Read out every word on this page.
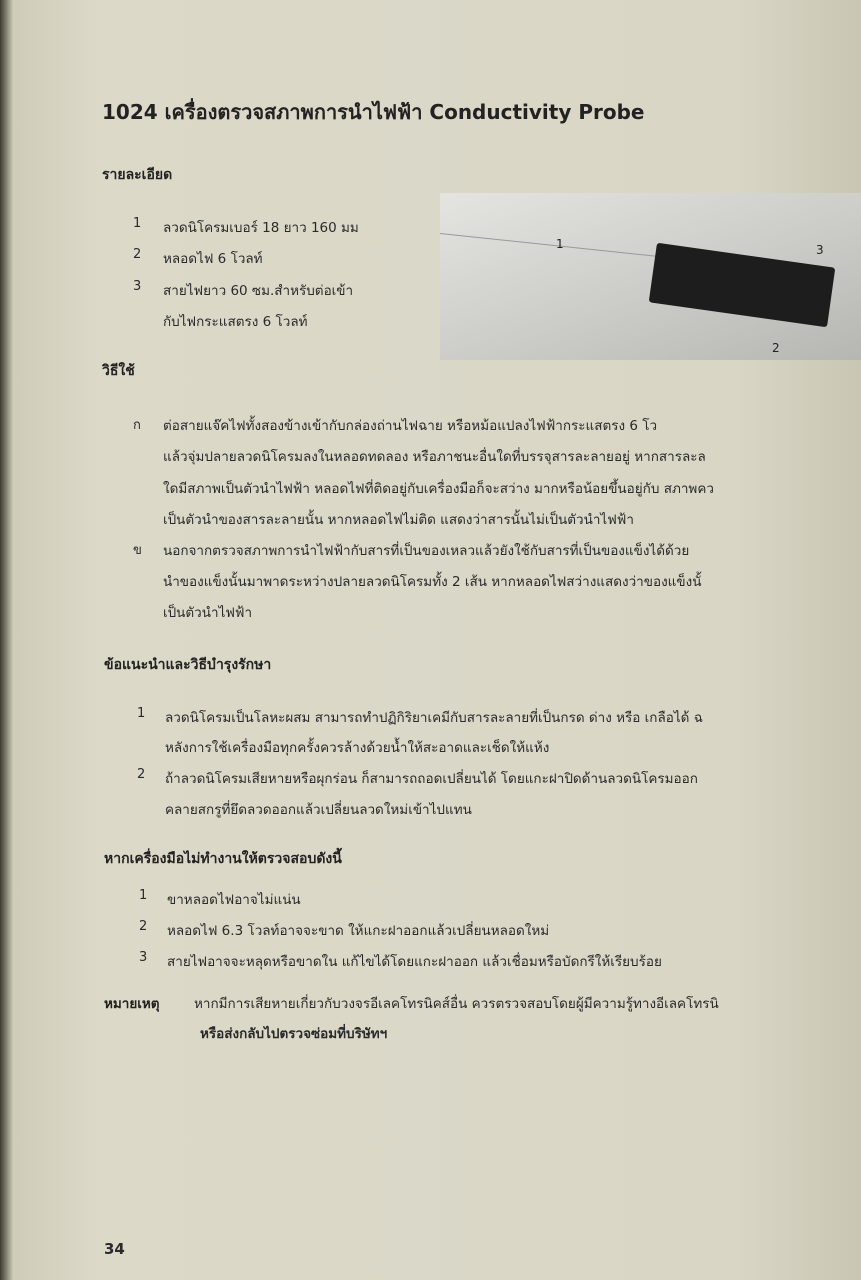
1024 เครื่องตรวจสภาพการนำไฟฟ้า Conductivity Probe
รายละเอียด
1 ลวดนิโครมเบอร์ 18 ยาว 160 มม
2 หลอดไฟ 6 โวลท์
3 สายไฟยาว 60 ซม.สำหรับต่อเข้า
กับไฟกระแสตรง 6 โวลท์
1
2
3
วิธีใช้
ก ต่อสายแจ๊คไฟทั้งสองข้างเข้ากับกล่องถ่านไฟฉาย หรือหม้อแปลงไฟฟ้ากระแสตรง 6 โว
แล้วจุ่มปลายลวดนิโครมลงในหลอดทดลอง หรือภาชนะอื่นใดที่บรรจุสารละลายอยู่ หากสารละล
ใดมีสภาพเป็นตัวนำไฟฟ้า หลอดไฟที่ติดอยู่กับเครื่องมือก็จะสว่าง มากหรือน้อยขึ้นอยู่กับ สภาพคว
เป็นตัวนำของสารละลายนั้น หากหลอดไฟไม่ติด แสดงว่าสารนั้นไม่เป็นตัวนำไฟฟ้า
ข นอกจากตรวจสภาพการนำไฟฟ้ากับสารที่เป็นของเหลวแล้วยังใช้กับสารที่เป็นของแข็งได้ด้วย
นำของแข็งนั้นมาพาดระหว่างปลายลวดนิโครมทั้ง 2 เส้น หากหลอดไฟสว่างแสดงว่าของแข็งนั้
เป็นตัวนำไฟฟ้า
ข้อแนะนำและวิธีบำรุงรักษา
1 ลวดนิโครมเป็นโลหะผสม สามารถทำปฏิกิริยาเคมีกับสารละลายที่เป็นกรด ด่าง หรือ เกลือได้ ฉ
หลังการใช้เครื่องมือทุกครั้งควรล้างด้วยน้ำให้สะอาดและเช็ดให้แห้ง
2 ถ้าลวดนิโครมเสียหายหรือผุกร่อน ก็สามารถถอดเปลี่ยนได้ โดยแกะฝาปิดด้านลวดนิโครมออก
คลายสกรูที่ยึดลวดออกแล้วเปลี่ยนลวดใหม่เข้าไปแทน
หากเครื่องมือไม่ทำงานให้ตรวจสอบดังนี้
1 ขาหลอดไฟอาจไม่แน่น
2 หลอดไฟ 6.3 โวลท์อาจจะขาด ให้แกะฝาออกแล้วเปลี่ยนหลอดใหม่
3 สายไฟอาจจะหลุดหรือขาดใน แก้ไขได้โดยแกะฝาออก แล้วเชื่อมหรือบัดกรีให้เรียบร้อย
หมายเหตุ	หากมีการเสียหายเกี่ยวกับวงจรอีเลคโทรนิคส์อื่น ควรตรวจสอบโดยผู้มีความรู้ทางอีเลคโทรนิ
หรือส่งกลับไปตรวจซ่อมที่บริษัทฯ
34
